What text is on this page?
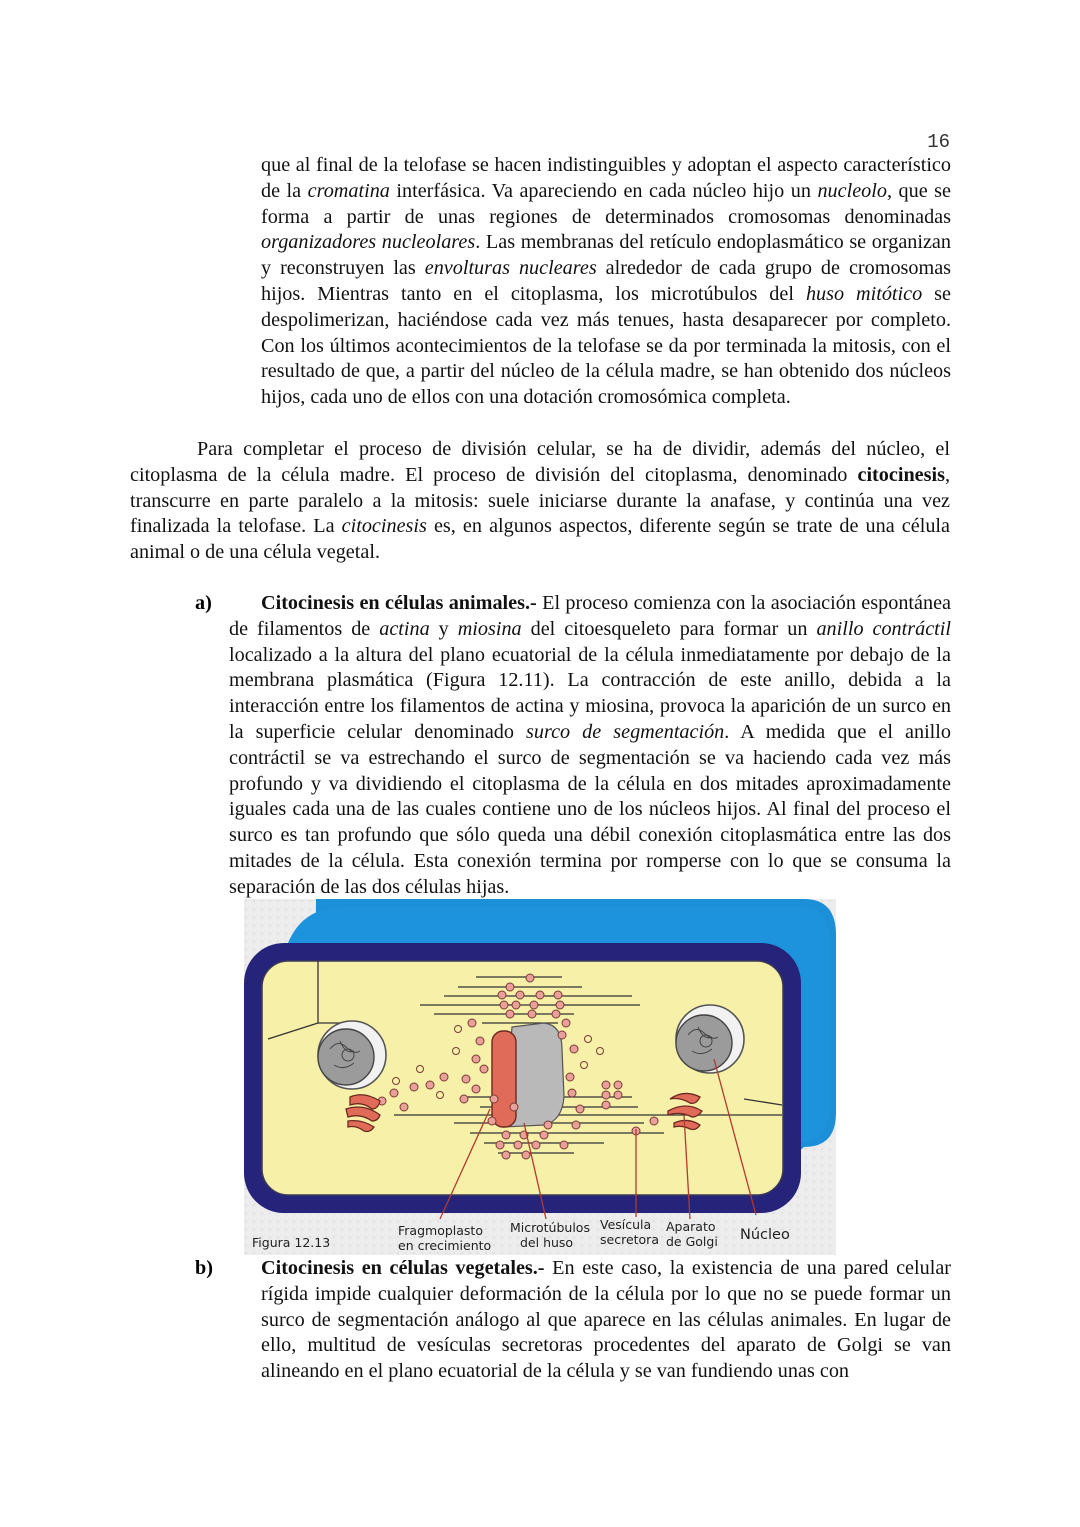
16

que al final de la telofase se hacen indistinguibles y adoptan el aspecto característico de la cromatina interfásica. Va apareciendo en cada núcleo hijo un nucleolo, que se forma a partir de unas regiones de determinados cromosomas denominadas organizadores nucleolares. Las membranas del retículo endoplasmático se organizan y reconstruyen las envolturas nucleares alrededor de cada grupo de cromosomas hijos. Mientras tanto en el citoplasma, los microtúbulos del huso mitótico se despolimerizan, haciéndose cada vez más tenues, hasta desaparecer por completo. Con los últimos acontecimientos de la telofase se da por terminada la mitosis, con el resultado de que, a partir del núcleo de la célula madre, se han obtenido dos núcleos hijos, cada uno de ellos con una dotación cromosómica completa.

Para completar el proceso de división celular, se ha de dividir, además del núcleo, el citoplasma de la célula madre. El proceso de división del citoplasma, denominado citocinesis, transcurre en parte paralelo a la mitosis: suele iniciarse durante la anafase, y continúa una vez finalizada la telofase. La citocinesis es, en algunos aspectos, diferente según se trate de una célula animal o de una célula vegetal.

a)	Citocinesis en células animales.- El proceso comienza con la asociación espontánea de filamentos de actina y miosina del citoesqueleto para formar un anillo contráctil localizado a la altura del plano ecuatorial de la célula inmediatamente por debajo de la membrana plasmática (Figura 12.11). La contracción de este anillo, debida a la interacción entre los filamentos de actina y miosina, provoca la aparición de un surco en la superficie celular denominado surco de segmentación. A medida que el anillo contráctil se va estrechando el surco de segmentación se va haciendo cada vez más profundo y va dividiendo el citoplasma de la célula en dos mitades aproximadamente iguales cada una de las cuales contiene uno de los núcleos hijos. Al final del proceso el surco es tan profundo que sólo queda una débil conexión citoplasmática entre las dos mitades de la célula. Esta conexión termina por romperse con lo que se consuma la separación de las dos células hijas.

Figura 12.13
Fragmoplasto
en crecimiento
Microtúbulos
del huso
Vesícula
secretora
Aparato
de Golgi Núcleo
b) Citocinesis en células vegetales.- En este caso, la existencia de una pared celular rígida impide cualquier deformación de la célula por lo que no se puede formar un surco de segmentación análogo al que aparece en las células animales. En lugar de ello, multitud de vesículas secretoras procedentes del aparato de Golgi se van alineando en el plano ecuatorial de la célula y se van fundiendo unas con
